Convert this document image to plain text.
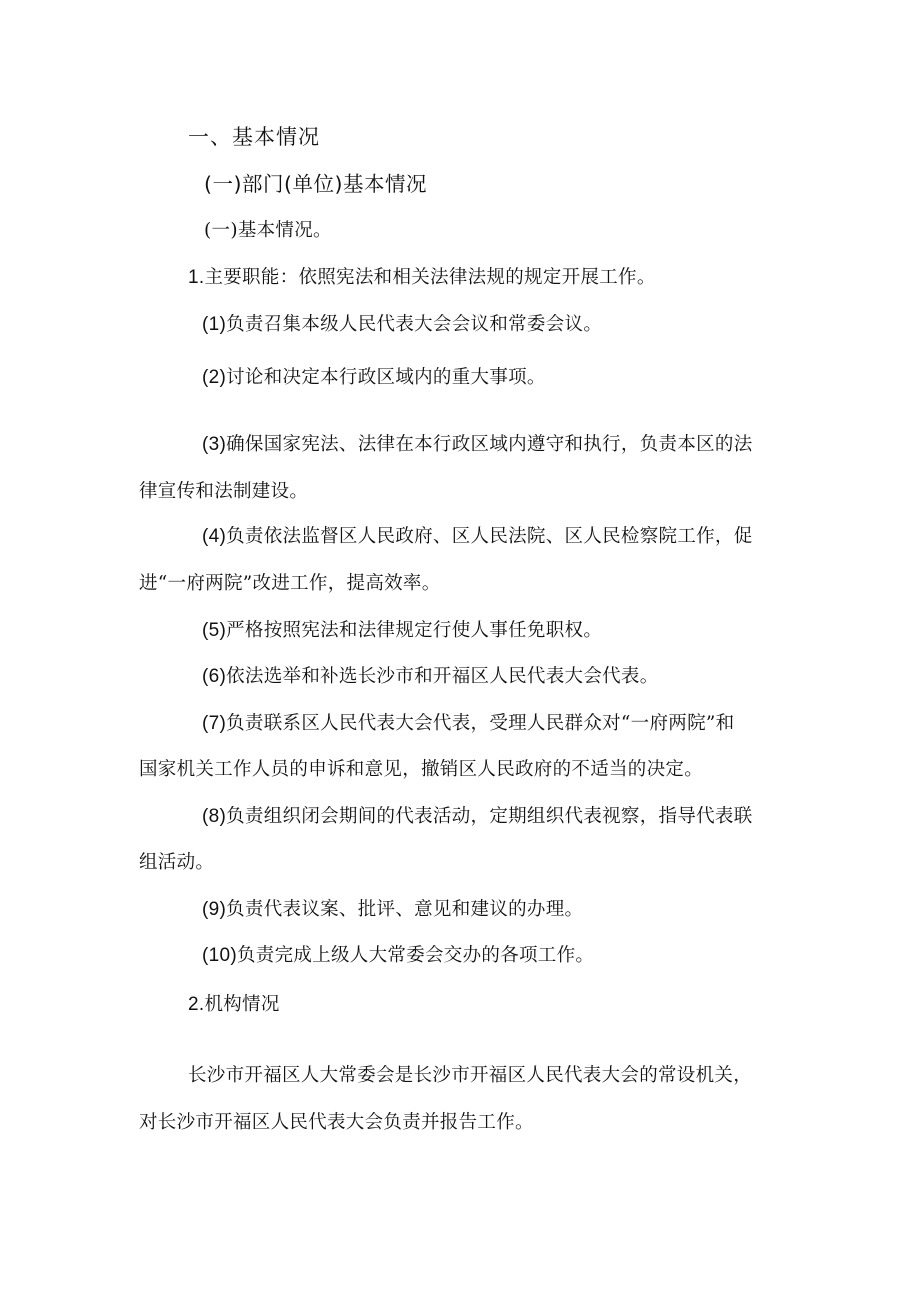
一、基本情况

(一)部门(单位)基本情况

(一)基本情况。

1.主要职能：依照宪法和相关法律法规的规定开展工作。

(1)负责召集本级人民代表大会会议和常委会议。

(2)讨论和决定本行政区域内的重大事项。

(3)确保国家宪法、法律在本行政区域内遵守和执行，负责本区的法

律宣传和法制建设。

(4)负责依法监督区人民政府、区人民法院、区人民检察院工作，促

进“一府两院”改进工作，提高效率。

(5)严格按照宪法和法律规定行使人事任免职权。

(6)依法选举和补选长沙市和开福区人民代表大会代表。

(7)负责联系区人民代表大会代表，受理人民群众对“一府两院”和

国家机关工作人员的申诉和意见，撤销区人民政府的不适当的决定。

(8)负责组织闭会期间的代表活动，定期组织代表视察，指导代表联

组活动。

(9)负责代表议案、批评、意见和建议的办理。

(10)负责完成上级人大常委会交办的各项工作。

2.机构情况

长沙市开福区人大常委会是长沙市开福区人民代表大会的常设机关，

对长沙市开福区人民代表大会负责并报告工作。
